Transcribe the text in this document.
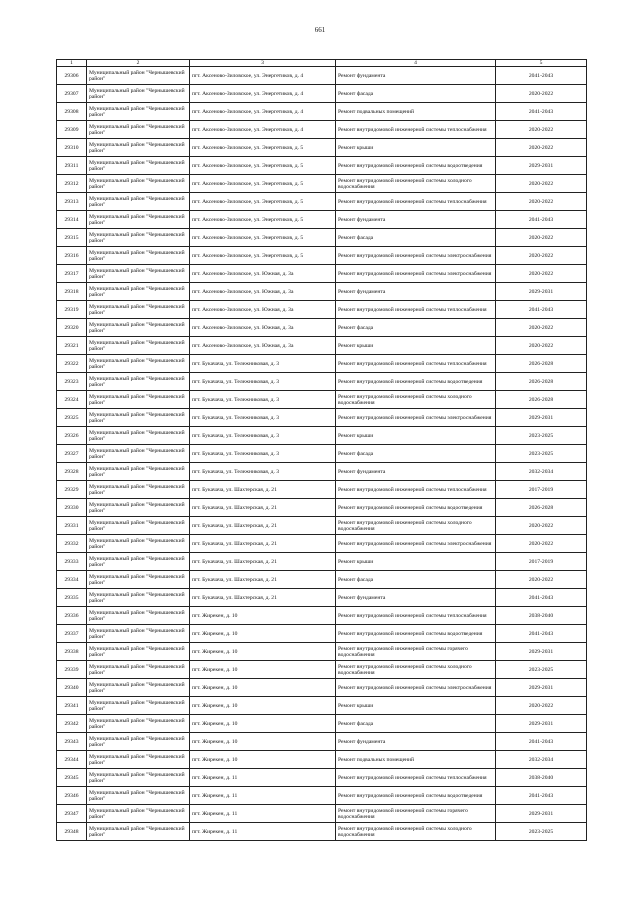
661
1	2	3	4	5
29306	Муниципальный район "Чернышевский район"	пгт. Аксеново-Зиловское, ул. Энергетиков, д. 4	Ремонт фундамента	2041-2043
29307	Муниципальный район "Чернышевский район"	пгт. Аксеново-Зиловское, ул. Энергетиков, д. 4	Ремонт фасада	2020-2022
29308	Муниципальный район "Чернышевский район"	пгт. Аксеново-Зиловское, ул. Энергетиков, д. 4	Ремонт подвальных помещений	2041-2043
29309	Муниципальный район "Чернышевский район"	пгт. Аксеново-Зиловское, ул. Энергетиков, д. 4	Ремонт внутридомовой инженерной системы теплоснабжения	2020-2022
29310	Муниципальный район "Чернышевский район"	пгт. Аксеново-Зиловское, ул. Энергетиков, д. 5	Ремонт крыши	2020-2022
29311	Муниципальный район "Чернышевский район"	пгт. Аксеново-Зиловское, ул. Энергетиков, д. 5	Ремонт внутридомовой инженерной системы водоотведения	2029-2031
29312	Муниципальный район "Чернышевский район"	пгт. Аксеново-Зиловское, ул. Энергетиков, д. 5	Ремонт внутридомовой инженерной системы холодного водоснабжения	2020-2022
29313	Муниципальный район "Чернышевский район"	пгт. Аксеново-Зиловское, ул. Энергетиков, д. 5	Ремонт внутридомовой инженерной системы теплоснабжения	2020-2022
29314	Муниципальный район "Чернышевский район"	пгт. Аксеново-Зиловское, ул. Энергетиков, д. 5	Ремонт фундамента	2041-2043
29315	Муниципальный район "Чернышевский район"	пгт. Аксеново-Зиловское, ул. Энергетиков, д. 5	Ремонт фасада	2020-2022
29316	Муниципальный район "Чернышевский район"	пгт. Аксеново-Зиловское, ул. Энергетиков, д. 5	Ремонт внутридомовой инженерной системы электроснабжения	2020-2022
29317	Муниципальный район "Чернышевский район"	пгт. Аксеново-Зиловское, ул. Южная, д. 3а	Ремонт внутридомовой инженерной системы электроснабжения	2020-2022
29318	Муниципальный район "Чернышевский район"	пгт. Аксеново-Зиловское, ул. Южная, д. 3а	Ремонт фундамента	2029-2031
29319	Муниципальный район "Чернышевский район"	пгт. Аксеново-Зиловское, ул. Южная, д. 3а	Ремонт внутридомовой инженерной системы теплоснабжения	2041-2043
29320	Муниципальный район "Чернышевский район"	пгт. Аксеново-Зиловское, ул. Южная, д. 3а	Ремонт фасада	2020-2022
29321	Муниципальный район "Чернышевский район"	пгт. Аксеново-Зиловское, ул. Южная, д. 3а	Ремонт крыши	2020-2022
29322	Муниципальный район "Чернышевский район"	пгт. Букачача, ул. Тележниковая, д. 3	Ремонт внутридомовой инженерной системы теплоснабжения	2026-2028
29323	Муниципальный район "Чернышевский район"	пгт. Букачача, ул. Тележниковая, д. 3	Ремонт внутридомовой инженерной системы водоотведения	2026-2028
29324	Муниципальный район "Чернышевский район"	пгт. Букачача, ул. Тележниковая, д. 3	Ремонт внутридомовой инженерной системы холодного водоснабжения	2026-2028
29325	Муниципальный район "Чернышевский район"	пгт. Букачача, ул. Тележниковая, д. 3	Ремонт внутридомовой инженерной системы электроснабжения	2029-2031
29326	Муниципальный район "Чернышевский район"	пгт. Букачача, ул. Тележниковая, д. 3	Ремонт крыши	2023-2025
29327	Муниципальный район "Чернышевский район"	пгт. Букачача, ул. Тележниковая, д. 3	Ремонт фасада	2023-2025
29328	Муниципальный район "Чернышевский район"	пгт. Букачача, ул. Тележниковая, д. 3	Ремонт фундамента	2032-2034
29329	Муниципальный район "Чернышевский район"	пгт. Букачача, ул. Шахтерская, д. 21	Ремонт внутридомовой инженерной системы теплоснабжения	2017-2019
29330	Муниципальный район "Чернышевский район"	пгт. Букачача, ул. Шахтерская, д. 21	Ремонт внутридомовой инженерной системы водоотведения	2026-2028
29331	Муниципальный район "Чернышевский район"	пгт. Букачача, ул. Шахтерская, д. 21	Ремонт внутридомовой инженерной системы холодного водоснабжения	2020-2022
29332	Муниципальный район "Чернышевский район"	пгт. Букачача, ул. Шахтерская, д. 21	Ремонт внутридомовой инженерной системы электроснабжения	2020-2022
29333	Муниципальный район "Чернышевский район"	пгт. Букачача, ул. Шахтерская, д. 21	Ремонт крыши	2017-2019
29334	Муниципальный район "Чернышевский район"	пгт. Букачача, ул. Шахтерская, д. 21	Ремонт фасада	2020-2022
29335	Муниципальный район "Чернышевский район"	пгт. Букачача, ул. Шахтерская, д. 21	Ремонт фундамента	2041-2043
29336	Муниципальный район "Чернышевский район"	пгт. Жирекен, д. 10	Ремонт внутридомовой инженерной системы теплоснабжения	2038-2040
29337	Муниципальный район "Чернышевский район"	пгт. Жирекен, д. 10	Ремонт внутридомовой инженерной системы водоотведения	2041-2043
29338	Муниципальный район "Чернышевский район"	пгт. Жирекен, д. 10	Ремонт внутридомовой инженерной системы горячего водоснабжения	2029-2031
29339	Муниципальный район "Чернышевский район"	пгт. Жирекен, д. 10	Ремонт внутридомовой инженерной системы холодного водоснабжения	2023-2025
29340	Муниципальный район "Чернышевский район"	пгт. Жирекен, д. 10	Ремонт внутридомовой инженерной системы электроснабжения	2029-2031
29341	Муниципальный район "Чернышевский район"	пгт. Жирекен, д. 10	Ремонт крыши	2020-2022
29342	Муниципальный район "Чернышевский район"	пгт. Жирекен, д. 10	Ремонт фасада	2029-2031
29343	Муниципальный район "Чернышевский район"	пгт. Жирекен, д. 10	Ремонт фундамента	2041-2043
29344	Муниципальный район "Чернышевский район"	пгт. Жирекен, д. 10	Ремонт подвальных помещений	2032-2034
29345	Муниципальный район "Чернышевский район"	пгт. Жирекен, д. 11	Ремонт внутридомовой инженерной системы теплоснабжения	2038-2040
29346	Муниципальный район "Чернышевский район"	пгт. Жирекен, д. 11	Ремонт внутридомовой инженерной системы водоотведения	2041-2043
29347	Муниципальный район "Чернышевский район"	пгт. Жирекен, д. 11	Ремонт внутридомовой инженерной системы горячего водоснабжения	2029-2031
29348	Муниципальный район "Чернышевский район"	пгт. Жирекен, д. 11	Ремонт внутридомовой инженерной системы холодного водоснабжения	2023-2025
